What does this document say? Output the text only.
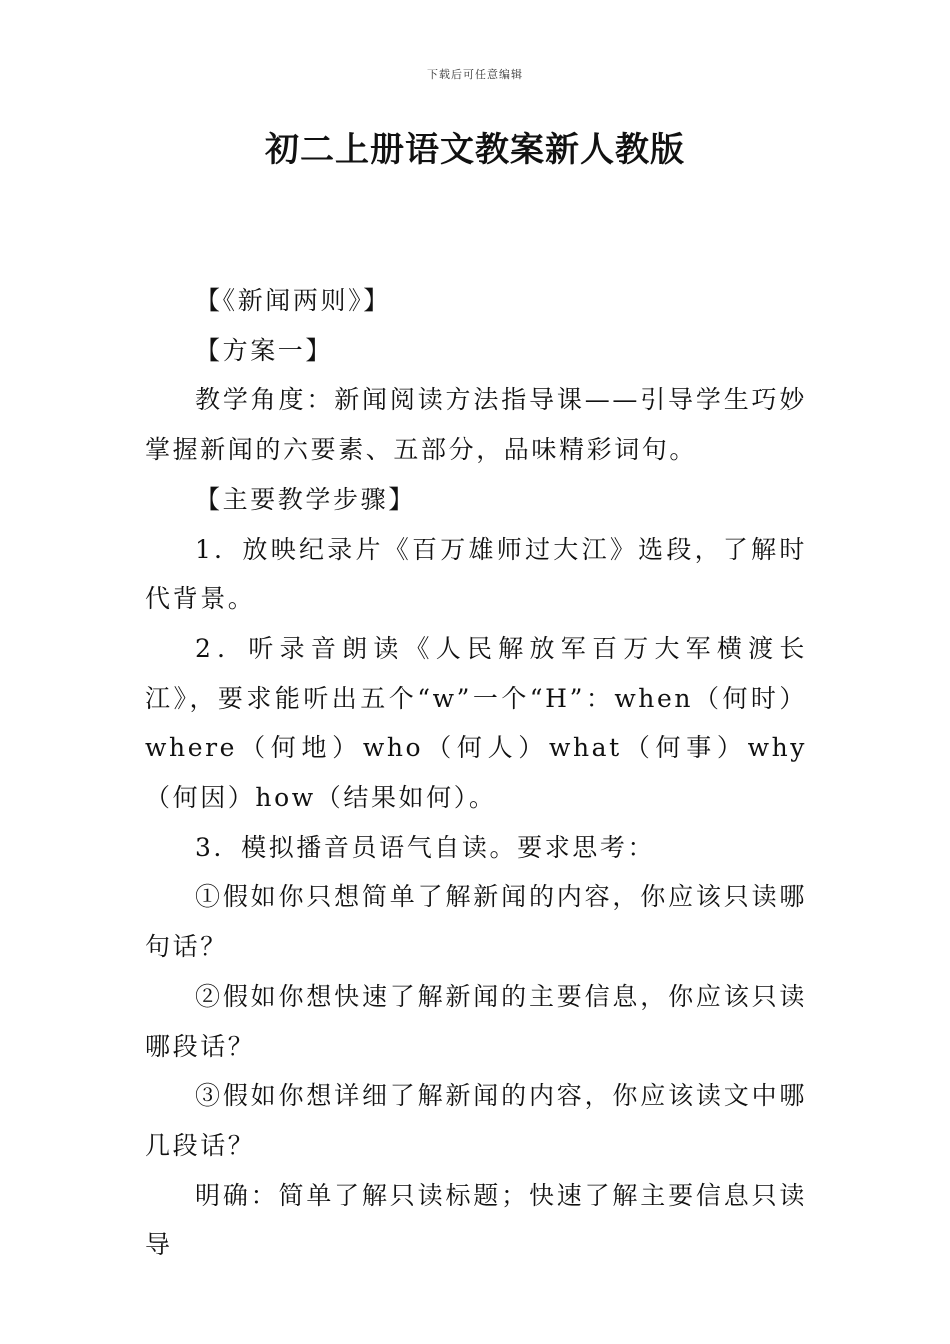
下载后可任意编辑
初二上册语文教案新人教版

【《新闻两则》】

【方案一】

教学角度：新闻阅读方法指导课——引导学生巧妙掌握新闻的六要素、五部分，品味精彩词句。

【主要教学步骤】

1．放映纪录片《百万雄师过大江》选段，了解时代背景。

2．听录音朗读《人民解放军百万大军横渡长江》，要求能听出五个“w”一个“H”：when（何时）where（何地）who（何人）what（何事）why（何因）how（结果如何）。

3．模拟播音员语气自读。要求思考：

①假如你只想简单了解新闻的内容，你应该只读哪句话？

②假如你想快速了解新闻的主要信息，你应该只读哪段话？

③假如你想详细了解新闻的内容，你应该读文中哪几段话？

明确：简单了解只读标题；快速了解主要信息只读导
